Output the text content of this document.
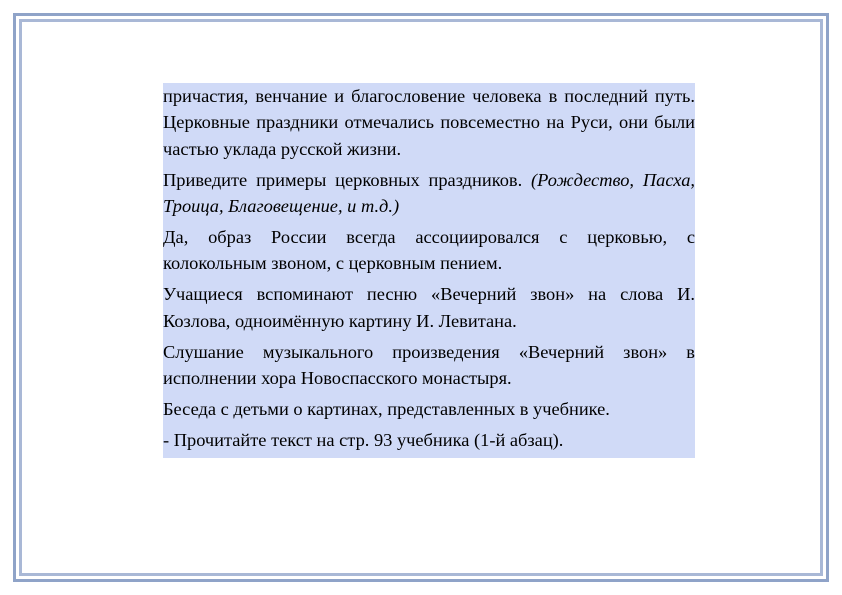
причастия, венчание и благословение человека в последний путь. Церковные праздники отмечались повсеместно на Руси, они были частью уклада русской жизни.

Приведите примеры церковных праздников. (Рождество, Пасха, Троица, Благовещение, и т.д.)

Да, образ России всегда ассоциировался с церковью, с колокольным звоном, с церковным пением.

Учащиеся вспоминают песню «Вечерний звон» на слова И. Козлова, одноимённую картину И. Левитана.

Слушание музыкального произведения «Вечерний звон» в исполнении хора Новоспасского монастыря.

Беседа с детьми о картинах, представленных в учебнике.

- Прочитайте текст на стр. 93 учебника (1-й абзац).
